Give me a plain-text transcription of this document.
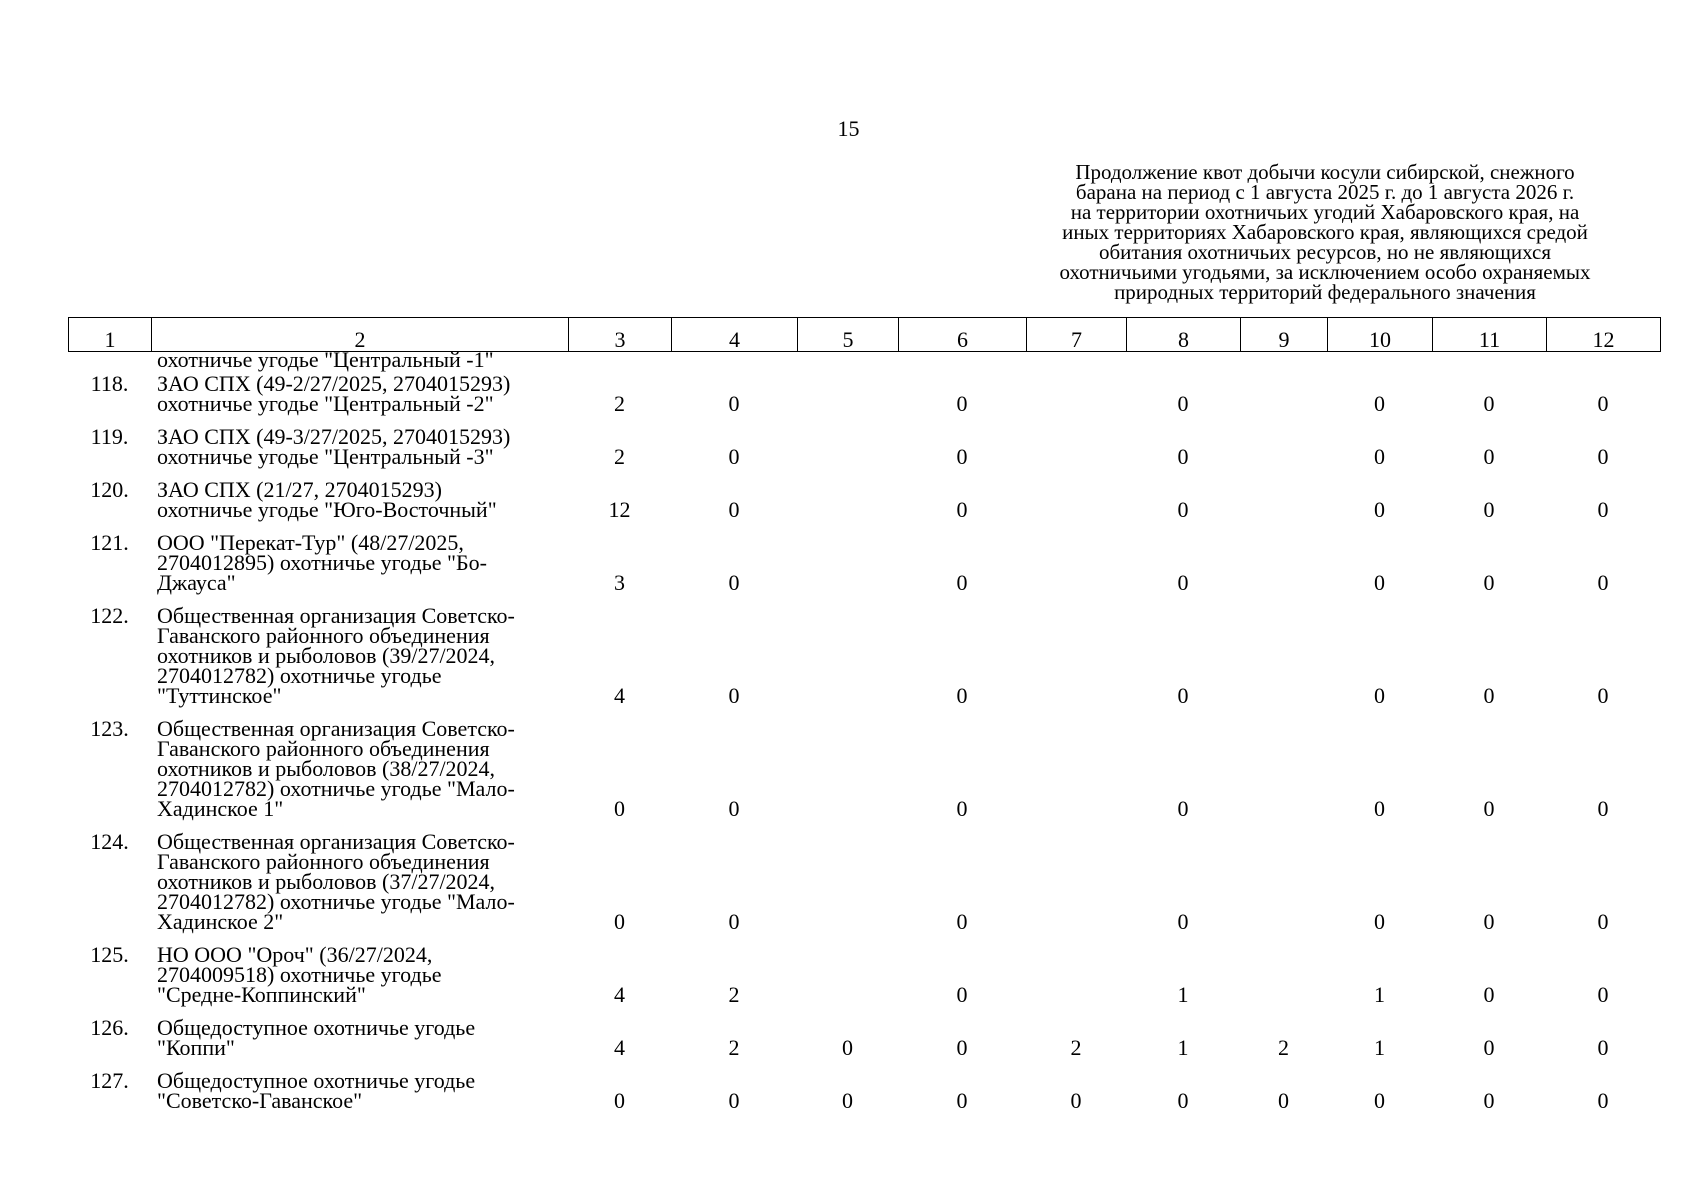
15
Продолжение квот добычи косули сибирской, снежного
барана на период с 1 августа 2025 г. до 1 августа 2026 г.
на территории охотничьих угодий Хабаровского края, на
иных территориях Хабаровского края, являющихся средой
обитания охотничьих ресурсов, но не являющихся
охотничьими угодьями, за исключением особо охраняемых
природных территорий федерального значения
1	2	3	4	5	6	7	8	9	10	11	12
охотничье угодье "Центральный -1"
118.	ЗАО СПХ (49-2/27/2025, 2704015293)
охотничье угодье "Центральный -2"	2	0		0		0		0	0	0
119.	ЗАО СПХ (49-3/27/2025, 2704015293)
охотничье угодье "Центральный -3"	2	0		0		0		0	0	0
120.	ЗАО СПХ (21/27, 2704015293)
охотничье угодье "Юго-Восточный"	12	0		0		0		0	0	0
121.	ООО "Перекат-Тур" (48/27/2025,
2704012895) охотничье угодье "Бо-
Джауса"	3	0		0		0		0	0	0
122.	Общественная организация Советско-
Гаванского районного объединения
охотников и рыболовов (39/27/2024,
2704012782) охотничье угодье
"Туттинское"	4	0		0		0		0	0	0
123.	Общественная организация Советско-
Гаванского районного объединения
охотников и рыболовов (38/27/2024,
2704012782) охотничье угодье "Мало-
Хадинское 1"	0	0		0		0		0	0	0
124.	Общественная организация Советско-
Гаванского районного объединения
охотников и рыболовов (37/27/2024,
2704012782) охотничье угодье "Мало-
Хадинское 2"	0	0		0		0		0	0	0
125.	НО ООО "Ороч" (36/27/2024,
2704009518) охотничье угодье
"Средне-Коппинский"	4	2		0		1		1	0	0
126.	Общедоступное охотничье угодье
"Коппи"	4	2	0	0	2	1	2	1	0	0
127.	Общедоступное охотничье угодье
"Советско-Гаванское"	0	0	0	0	0	0	0	0	0	0
